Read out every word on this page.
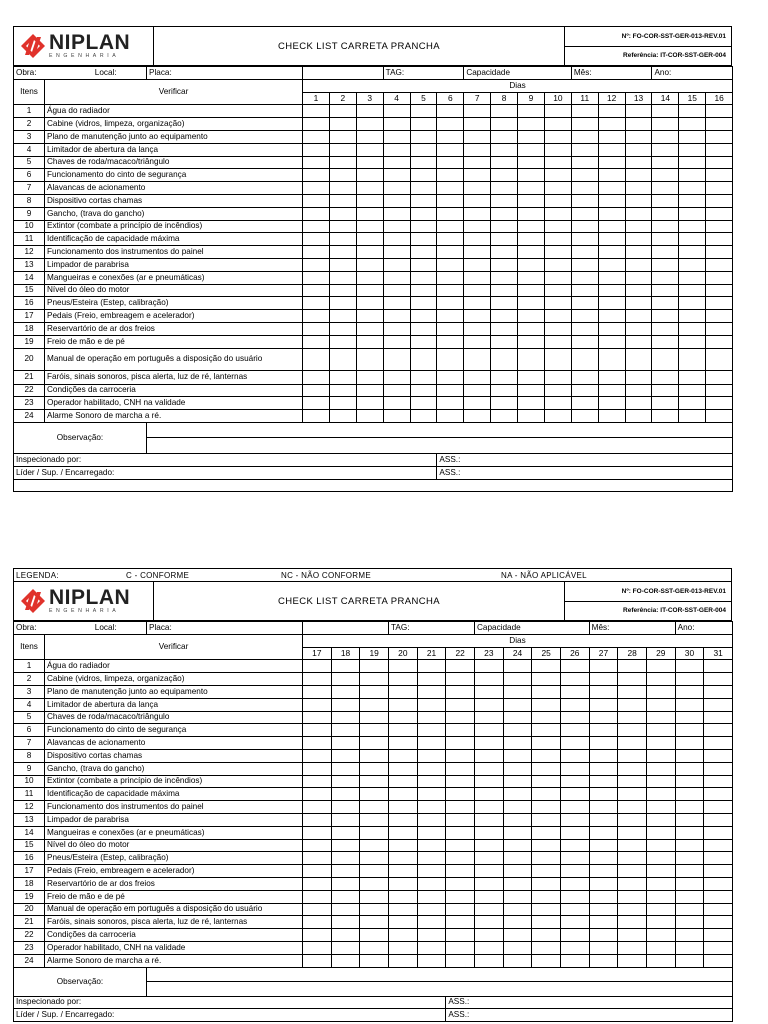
NIPLAN
ENGENHARIA
CHECK LIST CARRETA PRANCHA
Nº: FO-COR-SST-GER-013-REV.01
Referência: IT-COR-SST-GER-004
Obra: Local:		Placa:				TAG:			Capacidade				Mês:			Ano:		
Itens	Verificar		Dias															
			1	2	3	4	5	6	7	8	9	10	11	12	13	14	15	16
1	Água do radiador																	
2	Cabine (vidros, limpeza, organização)																	
3	Plano de manutenção junto ao equipamento																	
4	Limitador de abertura da lança																	
5	Chaves de roda/macaco/triângulo																	
6	Funcionamento do cinto de segurança																	
7	Alavancas de acionamento																	
8	Dispositivo cortas chamas																	
9	Gancho, (trava do gancho)																	
10	Extintor (combate a princípio de incêndios)																	
11	Identificação de capacidade máxima																	
12	Funcionamento dos instrumentos do painel																	
13	Limpador de parabrisa																	
14	Mangueiras e conexões (ar e pneumáticas)																	
15	Nível do óleo do motor																	
16	Pneus/Esteira (Estep, calibração)																	
17	Pedais (Freio, embreagem e acelerador)																	
18	Reservartório de ar dos freios																	
19	Freio de mão e de pé																	
20	Manual de operação em português a disposição do usuário																	
21	Faróis, sinais sonoros, pisca alerta, luz de ré, lanternas																	
22	Condições da carroceria																	
23	Operador habilitado, CNH na validade																	
24	Alarme Sonoro de marcha a ré.																	
Observação:																		

Inspecionado por:								ASS.:										
Líder / Sup. / Encarregado:								ASS.:										

LEGENDA:	C - CONFORME	NC - NÃO CONFORME	NA - NÃO APLICÁVEL
NIPLAN
ENGENHARIA
CHECK LIST CARRETA PRANCHA
Nº: FO-COR-SST-GER-013-REV.01
Referência: IT-COR-SST-GER-004
Obra: Local:		Placa:				TAG:			Capacidade				Mês:			Ano:	
Itens	Verificar		Dias														
			17	18	19	20	21	22	23	24	25	26	27	28	29	30	31
1	Água do radiador																
2	Cabine (vidros, limpeza, organização)																
3	Plano de manutenção junto ao equipamento																
4	Limitador de abertura da lança																
5	Chaves de roda/macaco/triângulo																
6	Funcionamento do cinto de segurança																
7	Alavancas de acionamento																
8	Dispositivo cortas chamas																
9	Gancho, (trava do gancho)																
10	Extintor (combate a princípio de incêndios)																
11	Identificação de capacidade máxima																
12	Funcionamento dos instrumentos do painel																
13	Limpador de parabrisa																
14	Mangueiras e conexões (ar e pneumáticas)																
15	Nível do óleo do motor																
16	Pneus/Esteira (Estep, calibração)																
17	Pedais (Freio, embreagem e acelerador)																
18	Reservartório de ar dos freios																
19	Freio de mão e de pé																
20	Manual de operação em português a disposição do usuário																
21	Faróis, sinais sonoros, pisca alerta, luz de ré, lanternas																
22	Condições da carroceria																
23	Operador habilitado, CNH na validade																
24	Alarme Sonoro de marcha a ré.																
Observação:																	

Inspecionado por:								ASS.:									
Líder / Sup. / Encarregado:								ASS.:									
